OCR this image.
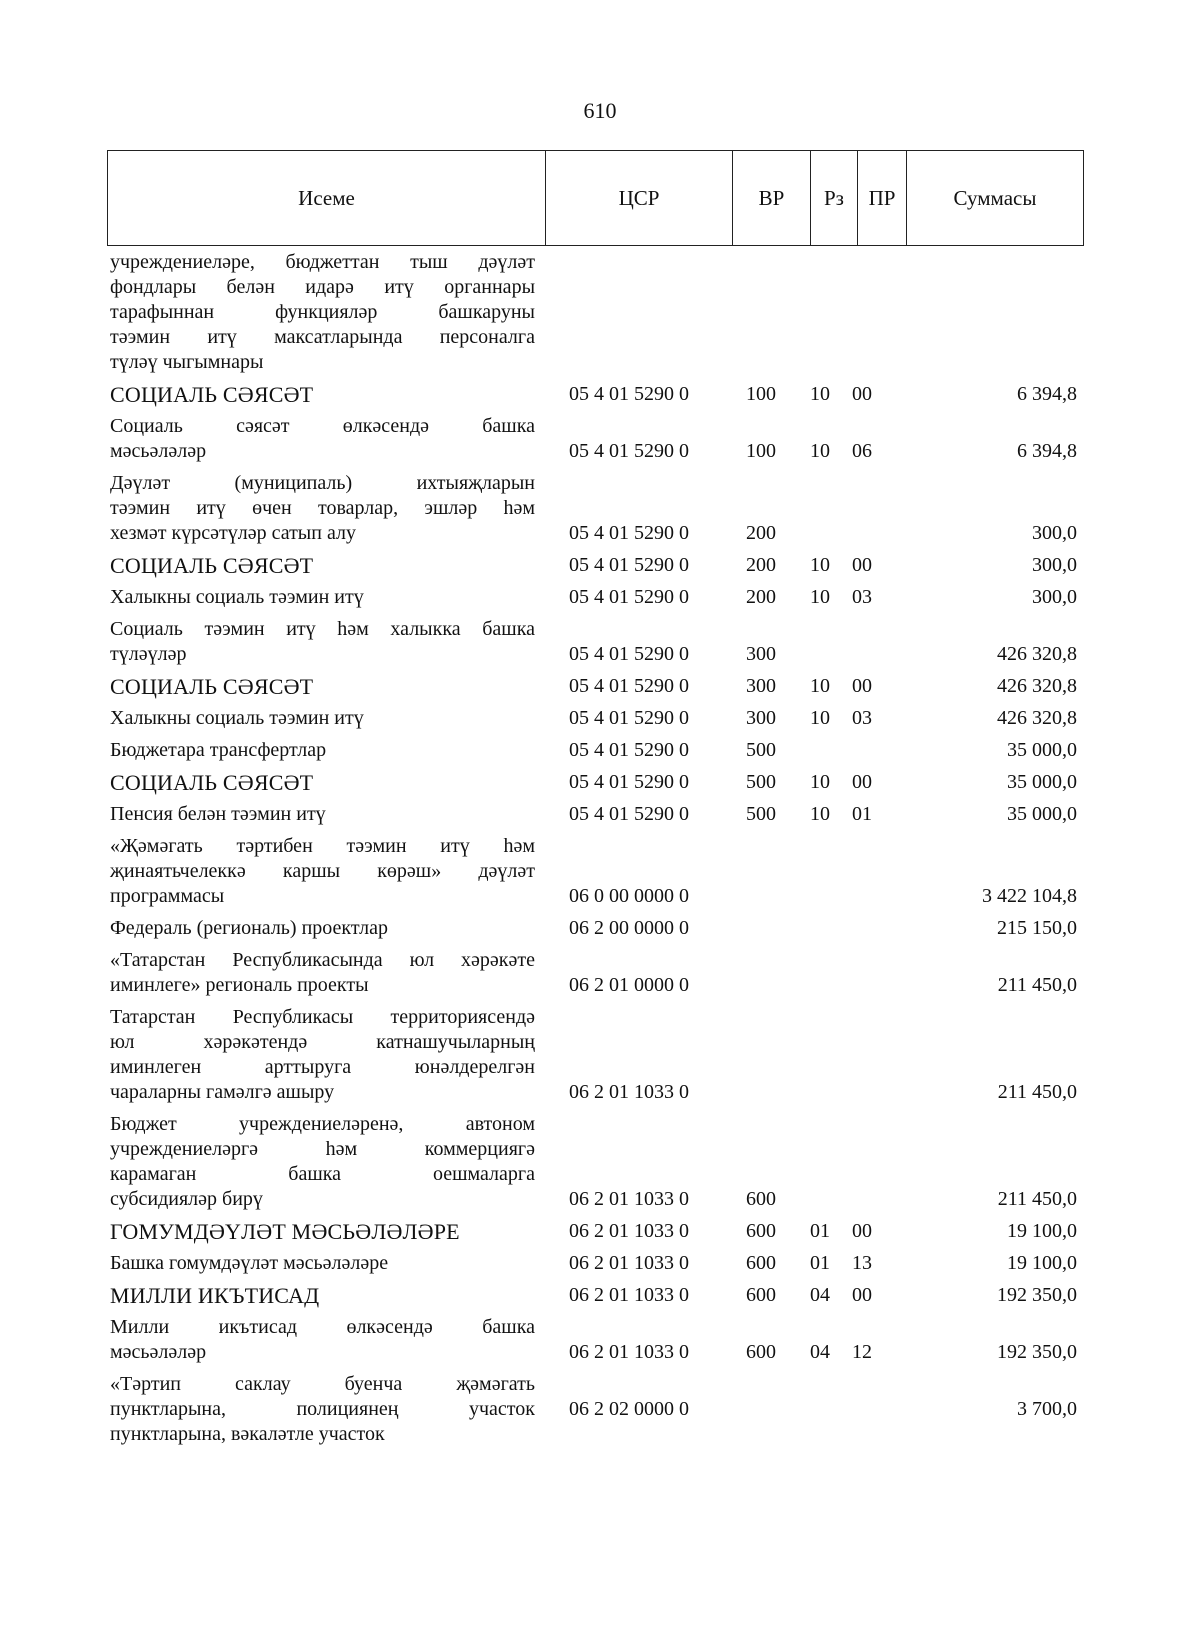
610
Исеме	ЦСР	ВР	Рз	ПР	Суммасы
учреждениеләре, бюджеттан тыш дәүләт
фондлары белән идарә итү органнары
тарафыннан функцияләр башкаруны
тәэмин итү максатларында персоналга
түләү чыгымнары					

СОЦИАЛЬ СӘЯСӘТ	05 4 01 5290 0	100	10	00	6 394,8

Социаль сәясәт өлкәсендә башка
мәсьәләләр	05 4 01 5290 0	100	10	06	6 394,8

Дәүләт (муниципаль) ихтыяҗларын
тәэмин итү өчен товарлар, эшләр һәм
хезмәт күрсәтүләр сатып алу	05 4 01 5290 0	200			300,0

СОЦИАЛЬ СӘЯСӘТ	05 4 01 5290 0	200	10	00	300,0

Халыкны социаль тәэмин итү	05 4 01 5290 0	200	10	03	300,0

Социаль тәэмин итү һәм халыкка башка
түләүләр	05 4 01 5290 0	300			426 320,8

СОЦИАЛЬ СӘЯСӘТ	05 4 01 5290 0	300	10	00	426 320,8

Халыкны социаль тәэмин итү	05 4 01 5290 0	300	10	03	426 320,8

Бюджетара трансфертлар	05 4 01 5290 0	500			35 000,0

СОЦИАЛЬ СӘЯСӘТ	05 4 01 5290 0	500	10	00	35 000,0

Пенсия белән тәэмин итү	05 4 01 5290 0	500	10	01	35 000,0

«Җәмәгать тәртибен тәэмин итү һәм
җинаятьчелеккә каршы көрәш» дәүләт
программасы	06 0 00 0000 0				3 422 104,8

Федераль (региональ) проектлар	06 2 00 0000 0				215 150,0

«Татарстан Республикасында юл хәрәкәте
иминлеге» региональ проекты	06 2 01 0000 0				211 450,0

Татарстан Республикасы территориясендә
юл хәрәкәтендә катнашучыларның
иминлеген арттыруга юнәлдерелгән
чараларны гамәлгә ашыру	06 2 01 1033 0				211 450,0

Бюджет учреждениеләренә, автоном
учреждениеләргә һәм коммерциягә
карамаган башка оешмаларга
субсидияләр бирү	06 2 01 1033 0	600			211 450,0

ГОМУМДӘҮЛӘТ МӘСЬӘЛӘЛӘРЕ	06 2 01 1033 0	600	01	00	19 100,0

Башка гомумдәүләт мәсьәләләре	06 2 01 1033 0	600	01	13	19 100,0

МИЛЛИ ИКЪТИСАД	06 2 01 1033 0	600	04	00	192 350,0

Милли икътисад өлкәсендә башка
мәсьәләләр	06 2 01 1033 0	600	04	12	192 350,0

«Тәртип саклау буенча җәмәгать
пунктларына, полициянең участок
пунктларына, вәкаләтле участок	06 2 02 0000 0				3 700,0
